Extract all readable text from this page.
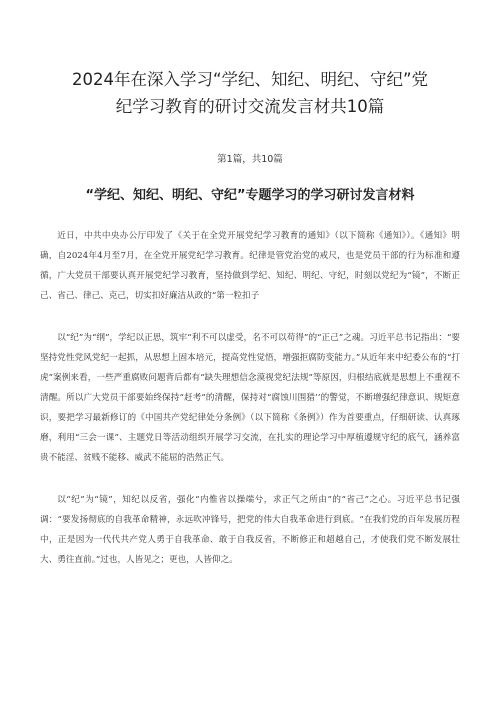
2024年在深入学习“学纪、知纪、明纪、守纪”党
纪学习教育的研讨交流发言材共10篇
第1篇，共10篇
“学纪、知纪、明纪、守纪”专题学习的学习研讨发言材料

近日，中共中央办公厅印发了《关于在全党开展党纪学习教育的通知》（以下简称《通知》）。《通知》明确，自2024年4月至7月，在全党开展党纪学习教育。纪律是管党治党的戒尺，也是党员干部的行为标准和遵循，广大党员干部要认真开展党纪学习教育，坚持做到学纪、知纪、明纪、守纪，时刻以党纪为“镜”，不断正己、省己、律己、克己，切实扣好廉洁从政的“第一粒扣子

以“纪”为“纲”，学纪以正思，筑牢“利不可以虚受，名不可以苟得”的“正己”之魂。习近平总书记指出：“要坚持党性党风党纪一起抓，从思想上固本培元，提高党性觉悟，增强拒腐防变能力。”从近年来中纪委公布的“打虎”案例来看，一些严重腐败问题背后都有“缺失理想信念漠视党纪法规”等原因，归根结底就是思想上不重视不清醒。所以广大党员干部要始终保持“赶考”的清醒，保持对“腐蚀川围猎’’的警觉，不断增强纪律意识、规矩意识，要把学习最新修订的《中国共产党纪律处分条例》（以下简称《条例》）作为首要重点，仔细研读、认真琢磨，利用“三会一课”、主题党日等活动组织开展学习交流，在扎实的理论学习中厚植遵规守纪的底气，涵养富贵不能淫、贫贱不能移、威武不能屈的浩然正气。

以“纪”为“镜”，知纪以反省，强化“内惟省以操端兮，求正气之所由”的“省己”之心。习近平总书记强调：“要发扬彻底的自我革命精神，永远吹冲锋号，把党的伟大自我革命进行到底。“在我们党的百年发展历程中，正是因为一代代共产党人勇于自我革命、敢于自我反省，不断修正和超越自己，才使我们党不断发展壮大、勇往直前。”过也，人皆见之；更也，人皆仰之。
